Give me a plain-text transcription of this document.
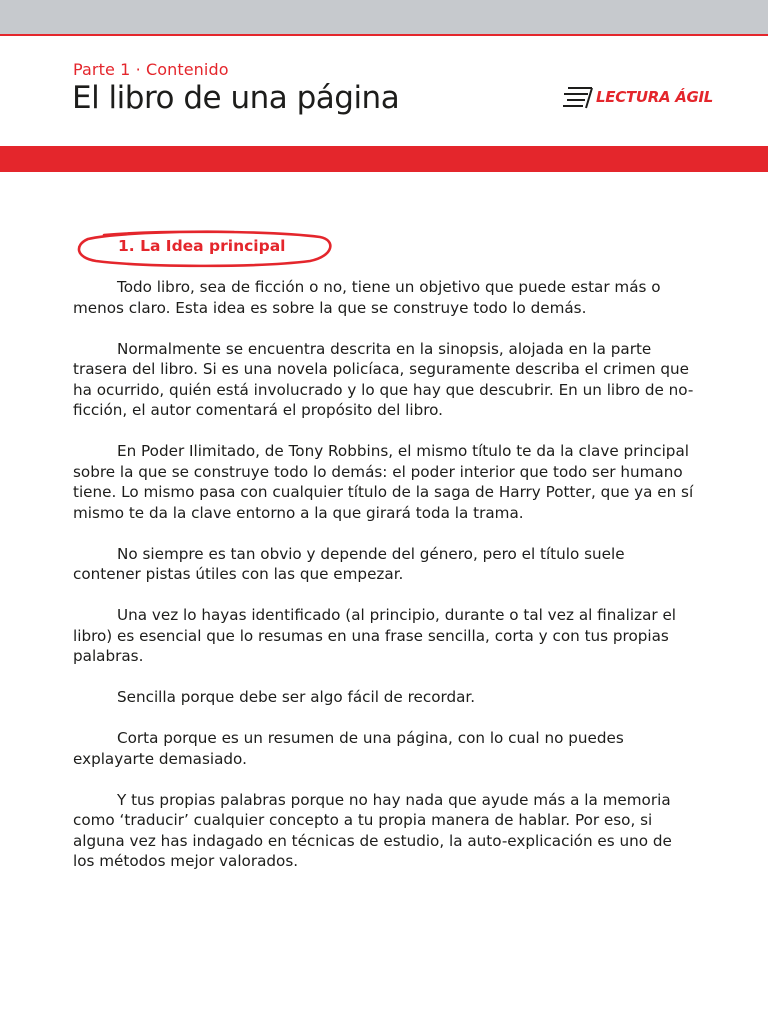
Parte 1 · Contenido
El libro de una página	LECTURA ÁGIL
1. La Idea principal

Todo libro, sea de ficción o no, tiene un objetivo que puede estar más o menos claro. Esta idea es sobre la que se construye todo lo demás.

Normalmente se encuentra descrita en la sinopsis, alojada en la parte trasera del libro. Si es una novela policíaca, seguramente describa el crimen que ha ocurrido, quién está involucrado y lo que hay que descubrir. En un libro de no-ficción, el autor comentará el propósito del libro.

En Poder Ilimitado, de Tony Robbins, el mismo título te da la clave principal sobre la que se construye todo lo demás: el poder interior que todo ser humano tiene. Lo mismo pasa con cualquier título de la saga de Harry Potter, que ya en sí mismo te da la clave entorno a la que girará toda la trama.

No siempre es tan obvio y depende del género, pero el título suele contener pistas útiles con las que empezar.

Una vez lo hayas identificado (al principio, durante o tal vez al finalizar el libro) es esencial que lo resumas en una frase sencilla, corta y con tus propias palabras.

Sencilla porque debe ser algo fácil de recordar.

Corta porque es un resumen de una página, con lo cual no puedes explayarte demasiado.

Y tus propias palabras porque no hay nada que ayude más a la memoria como ‘traducir’ cualquier concepto a tu propia manera de hablar. Por eso, si alguna vez has indagado en técnicas de estudio, la auto-explicación es uno de los métodos mejor valorados.
